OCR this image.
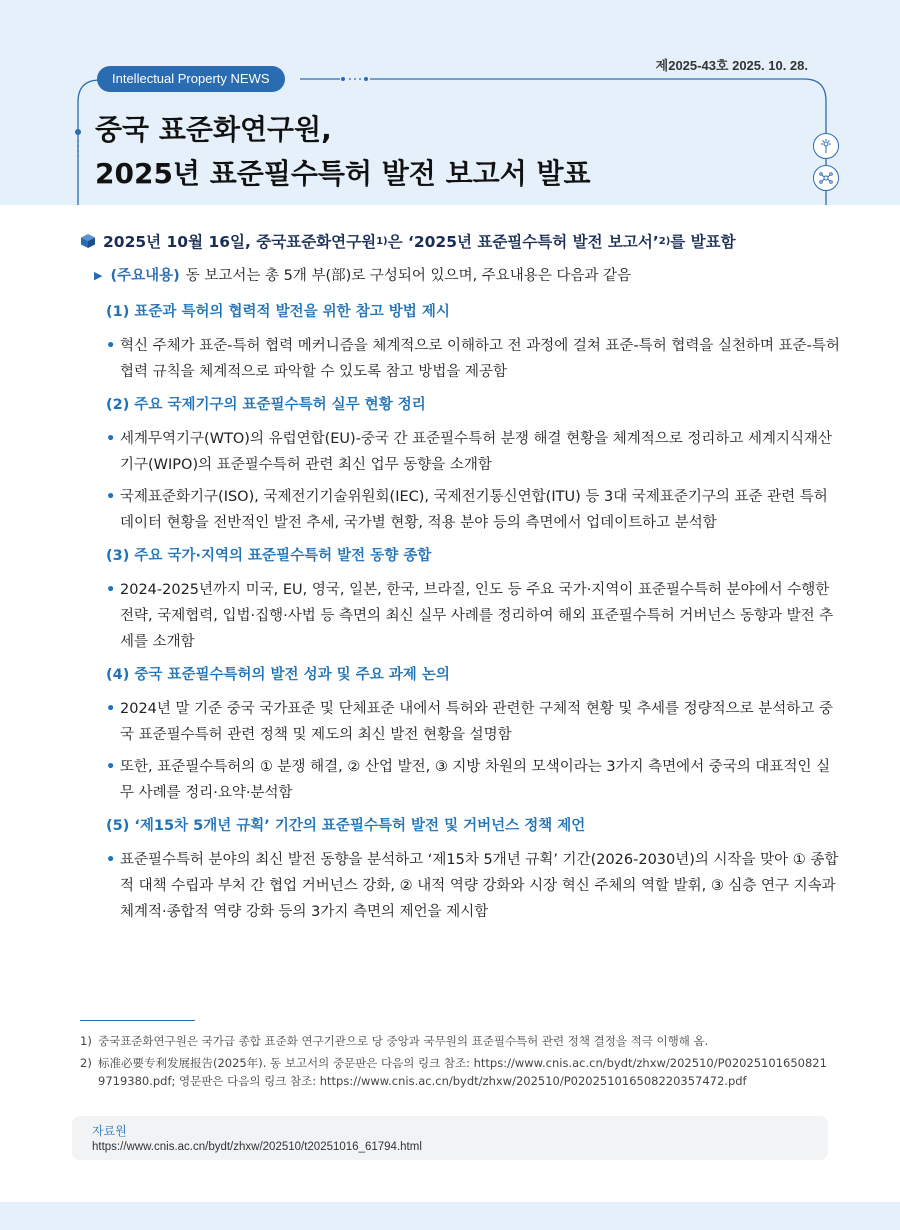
제2025-43호 2025. 10. 28.
Intellectual Property NEWS
중국 표준화연구원,
2025년 표준필수특허 발전 보고서 발표
2025년 10월 16일, 중국표준화연구원 1) 은 ‘2025년 표준필수특허 발전 보고서’ 2) 를 발표함
▶ (주요내용) 동 보고서는 총 5개 부(部)로 구성되어 있으며, 주요내용은 다음과 같음
(1) 표준과 특허의 협력적 발전을 위한 참고 방법 제시
• 혁신 주체가 표준-특허 협력 메커니즘을 체계적으로 이해하고 전 과정에 걸쳐 표준-특허 협력을 실천하며 표준-특허 협력 규칙을 체계적으로 파악할 수 있도록 참고 방법을 제공함
(2) 주요 국제기구의 표준필수특허 실무 현황 정리
• 세계무역기구(WTO)의 유럽연합(EU)-중국 간 표준필수특허 분쟁 해결 현황을 체계적으로 정리하고 세계지식재산기구(WIPO)의 표준필수특허 관련 최신 업무 동향을 소개함
• 국제표준화기구(ISO), 국제전기기술위원회(IEC), 국제전기통신연합(ITU) 등 3대 국제표준기구의 표준 관련 특허 데이터 현황을 전반적인 발전 추세, 국가별 현황, 적용 분야 등의 측면에서 업데이트하고 분석함
(3) 주요 국가·지역의 표준필수특허 발전 동향 종합
• 2024-2025년까지 미국, EU, 영국, 일본, 한국, 브라질, 인도 등 주요 국가·지역이 표준필수특허 분야에서 수행한 전략, 국제협력, 입법·집행·사법 등 측면의 최신 실무 사례를 정리하여 해외 표준필수특허 거버넌스 동향과 발전 추세를 소개함
(4) 중국 표준필수특허의 발전 성과 및 주요 과제 논의
• 2024년 말 기준 중국 국가표준 및 단체표준 내에서 특허와 관련한 구체적 현황 및 추세를 정량적으로 분석하고 중국 표준필수특허 관련 정책 및 제도의 최신 발전 현황을 설명함
• 또한, 표준필수특허의 ① 분쟁 해결, ② 산업 발전, ③ 지방 차원의 모색이라는 3가지 측면에서 중국의 대표적인 실무 사례를 정리·요약·분석함
(5) ‘제15차 5개년 규획’ 기간의 표준필수특허 발전 및 거버넌스 정책 제언
• 표준필수특허 분야의 최신 발전 동향을 분석하고 ‘제15차 5개년 규획’ 기간(2026-2030년)의 시작을 맞아 ① 종합적 대책 수립과 부처 간 협업 거버넌스 강화, ② 내적 역량 강화와 시장 혁신 주체의 역할 발휘, ③ 심층 연구 지속과 체계적·종합적 역량 강화 등의 3가지 측면의 제언을 제시함
1) 중국표준화연구원은 국가급 종합 표준화 연구기관으로 당 중앙과 국무원의 표준필수특허 관련 정책 결정을 적극 이행해 옴.
2) 标准必要专利发展报告(2025年). 동 보고서의 중문판은 다음의 링크 참조: https://www.cnis.ac.cn/bydt/zhxw/202510/P020251016508219719380.pdf; 영문판은 다음의 링크 참조: https://www.cnis.ac.cn/bydt/zhxw/202510/P020251016508220357472.pdf
자료원
https://www.cnis.ac.cn/bydt/zhxw/202510/t20251016_61794.html
